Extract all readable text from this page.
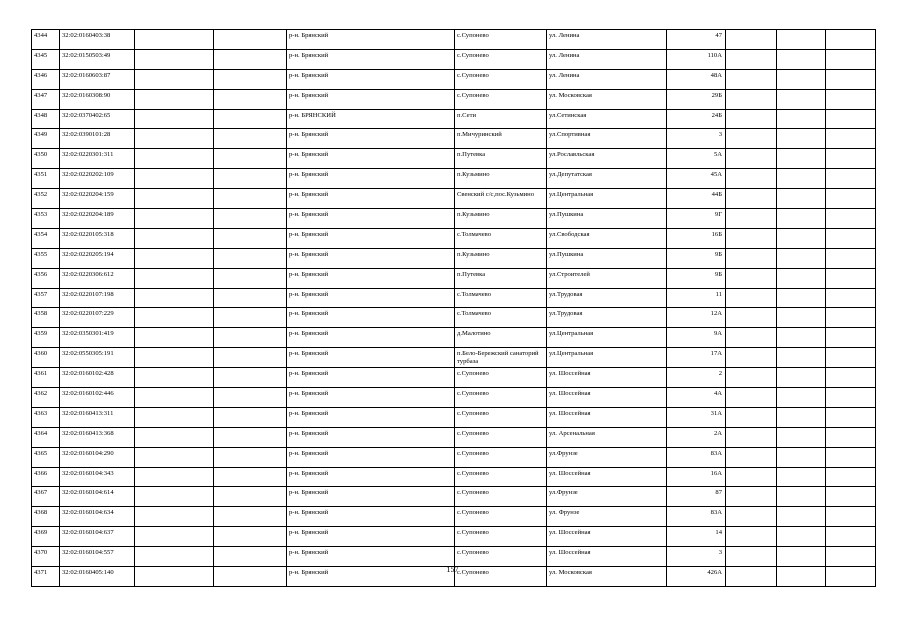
4344	32:02:0160403:38			р-н. Брянский	с.Супонево	ул. Ленина	47			
4345	32:02:0150503:49			р-н. Брянский	с.Супонево	ул. Ленина	110А			
4346	32:02:0160603:87			р-н. Брянский	с.Супонево	ул. Ленина	48А			
4347	32:02:0160308:90			р-н. Брянский	с.Супонево	ул. Московская	29Б			
4348	32:02:0370402:65			р-н. БРЯНСКИЙ	п.Сети	ул.Сетинская	24Б			
4349	32:02:0390101:28			р-н. Брянский	п.Мичуринский	ул.Спортивная	3			
4350	32:02:0220301:311			р-н. Брянский	п.Путевка	ул.Рославльская	5А			
4351	32:02:0220202:109			р-н. Брянский	п.Кузьмино	ул.Депутатская	45А			
4352	32:02:0220204:159			р-н. Брянский	Свенский с/с,пос.Кузьмино	ул.Центральная	44Б			
4353	32:02:0220204:189			р-н. Брянский	п.Кузьмино	ул.Пушкина	9Г			
4354	32:02:0220105:318			р-н. Брянский	с.Толмачево	ул.Свободская	16Б			
4355	32:02:0220205:194			р-н. Брянский	п.Кузьмино	ул.Пушкина	9Б			
4356	32:02:0220306:612			р-н. Брянский	п.Путевка	ул.Строителей	9Б			
4357	32:02:0220107:198			р-н. Брянский	с.Толмачево	ул.Трудовая	11			
4358	32:02:0220107:229			р-н. Брянский	с.Толмачево	ул.Трудовая	12А			
4359	32:02:0350301:419			р-н. Брянский	д.Малотино	ул.Центральная	9А			
4360	32:02:0550305:191			р-н. Брянский	п.Бело-Бережский санаторий турбаза	ул.Центральная	17А			
4361	32:02:0160102:428			р-н. Брянский	с.Супонево	ул. Шоссейная	2			
4362	32:02:0160102:446			р-н. Брянский	с.Супонево	ул. Шоссейная	4А			
4363	32:02:0160413:311			р-н. Брянский	с.Супонево	ул. Шоссейная	31А			
4364	32:02:0160413:368			р-н. Брянский	с.Супонево	ул. Арсенальная	2А			
4365	32:02:0160104:290			р-н. Брянский	с.Супонево	ул.Фрунзе	83А			
4366	32:02:0160104:343			р-н. Брянский	с.Супонево	ул. Шоссейная	16А			
4367	32:02:0160104:614			р-н. Брянский	с.Супонево	ул.Фрунзе	87			
4368	32:02:0160104:634			р-н. Брянский	с.Супонево	ул. Фрунзе	83А			
4369	32:02:0160104:637			р-н. Брянский	с.Супонево	ул. Шоссейная	14			
4370	32:02:0160104:557			р-н. Брянский	с.Супонево	ул. Шоссейная	3			
4371	32:02:0160405:140			р-н. Брянский	с.Супонево	ул. Московская	426А			
157
